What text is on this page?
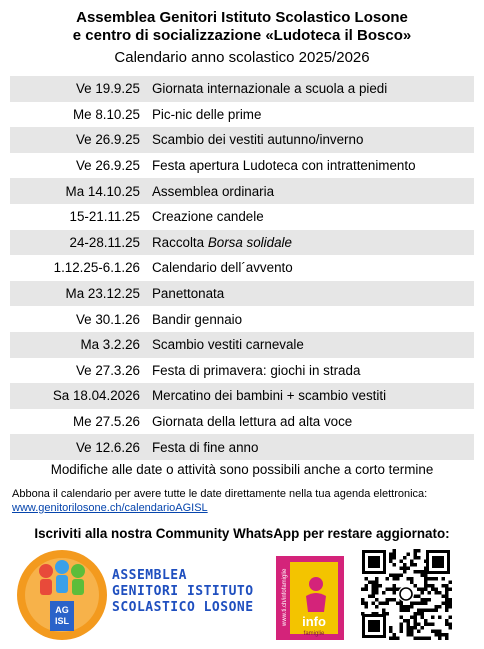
Assemblea Genitori Istituto Scolastico Losone
e centro di socializzazione «Ludoteca il Bosco»
Calendario anno scolastico 2025/2026
Ve 19.9.25 Giornata internazionale a scuola a piedi
Me 8.10.25 Pic-nic delle prime
Ve 26.9.25 Scambio dei vestiti autunno/inverno
Ve 26.9.25 Festa apertura Ludoteca con intrattenimento
Ma 14.10.25 Assemblea ordinaria
15-21.11.25 Creazione candele
24-28.11.25 Raccolta Borsa solidale
1.12.25-6.1.26 Calendario dell´avvento
Ma 23.12.25 Panettonata
Ve 30.1.26 Bandir gennaio
Ma 3.2.26 Scambio vestiti carnevale
Ve 27.3.26 Festa di primavera: giochi in strada
Sa 18.04.2026 Mercatino dei bambini + scambio vestiti
Me 27.5.26 Giornata della lettura ad alta voce
Ve 12.6.26 Festa di fine anno
Modifiche alle date o attività sono possibili anche a corto termine
Abbona il calendario per avere tutte le date direttamente nella tua agenda elettronica:
www.genitorilosone.ch/calendarioAGISL
Iscriviti alla nostra Community WhatsApp per restare aggiornato:
AG
ISL
ASSEMBLEA
GENITORI ISTITUTO
SCOLASTICO LOSONE	www.ti.ch/infofamiglie info
famiglie
